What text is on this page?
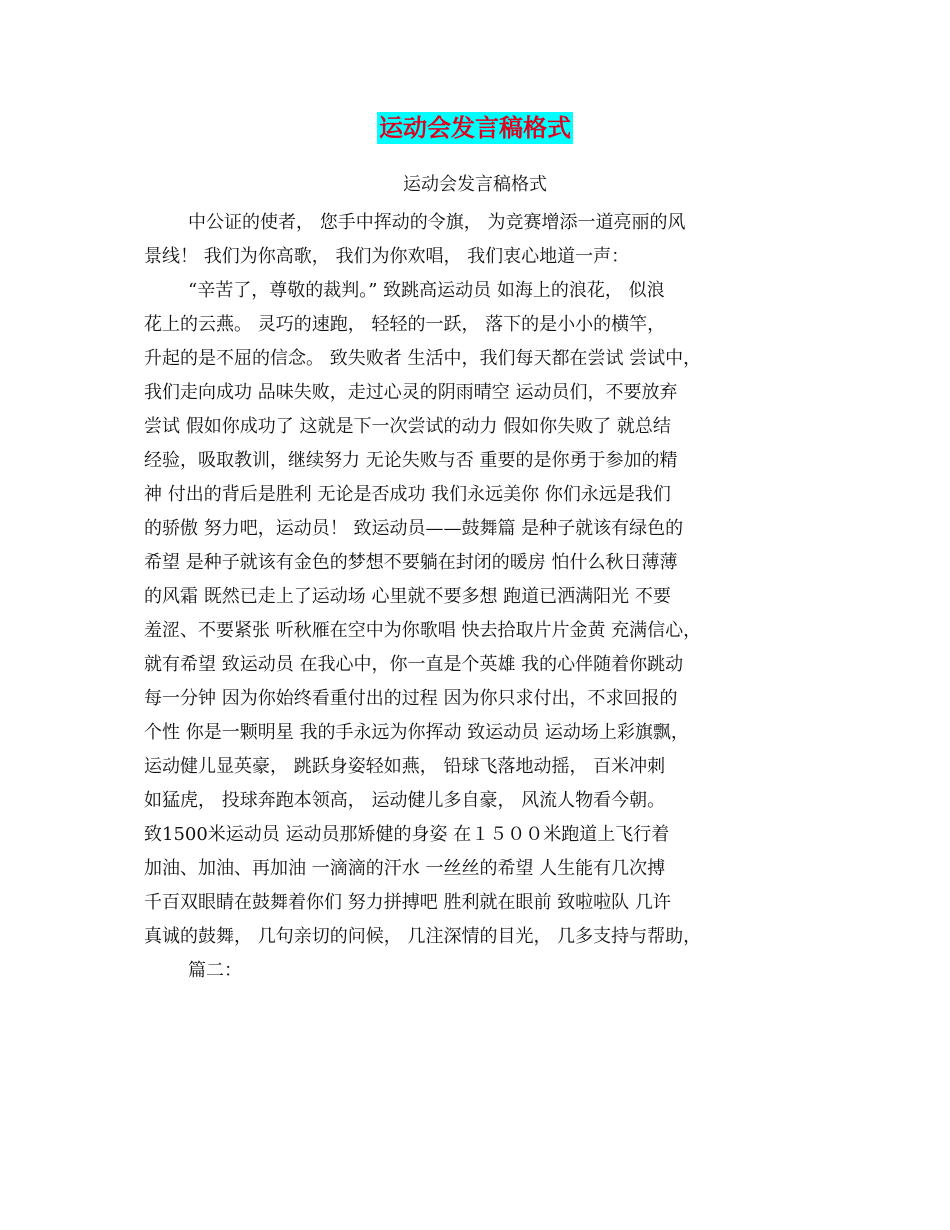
运动会发言稿格式
运动会发言稿格式
中公证的使者， 您手中挥动的令旗， 为竞赛增添一道亮丽的风
景线！ 我们为你高歌， 我们为你欢唱， 我们衷心地道一声：
“辛苦了，尊敬的裁判。” 致跳高运动员 如海上的浪花， 似浪
花上的云燕。 灵巧的速跑， 轻轻的一跃， 落下的是小小的横竿，
升起的是不屈的信念。 致失败者 生活中，我们每天都在尝试 尝试中，
我们走向成功 品味失败，走过心灵的阴雨晴空 运动员们，不要放弃
尝试 假如你成功了 这就是下一次尝试的动力 假如你失败了 就总结
经验，吸取教训，继续努力 无论失败与否 重要的是你勇于参加的精
神 付出的背后是胜利 无论是否成功 我们永远美你 你们永远是我们
的骄傲 努力吧，运动员！ 致运动员——鼓舞篇 是种子就该有绿色的
希望 是种子就该有金色的梦想不要躺在封闭的暖房 怕什么秋日薄薄
的风霜 既然已走上了运动场 心里就不要多想 跑道已洒满阳光 不要
羞涩、不要紧张 听秋雁在空中为你歌唱 快去拾取片片金黄 充满信心，
就有希望 致运动员 在我心中，你一直是个英雄 我的心伴随着你跳动
每一分钟 因为你始终看重付出的过程 因为你只求付出，不求回报的
个性 你是一颗明星 我的手永远为你挥动 致运动员 运动场上彩旗飘，
运动健儿显英豪， 跳跃身姿轻如燕， 铅球飞落地动摇， 百米冲刺
如猛虎， 投球奔跑本领高， 运动健儿多自豪， 风流人物看今朝。
致1500米运动员 运动员那矫健的身姿 在１５００米跑道上飞行着
加油、加油、再加油 一滴滴的汗水 一丝丝的希望 人生能有几次搏
千百双眼睛在鼓舞着你们 努力拼搏吧 胜利就在眼前 致啦啦队 几许
真诚的鼓舞， 几句亲切的问候， 几注深情的目光， 几多支持与帮助，
篇二：
